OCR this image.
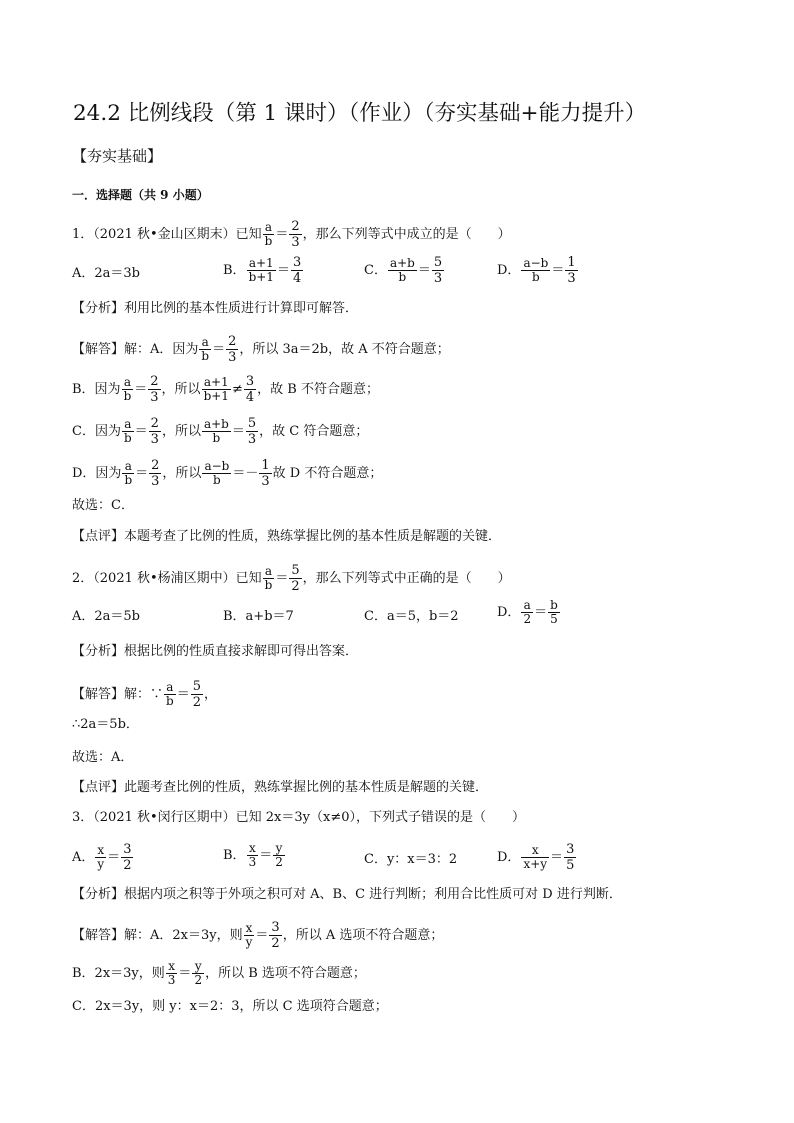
24.2 比例线段（第 1 课时）（作业）（夯实基础+能力提升）
【夯实基础】
一．选择题（共 9 小题）
1．（2021 秋•金山区期末）已知 $\frac{a}{b} = \frac{2}{3}$ ，那么下列等式中成立的是（　　）
A．2a＝3b	B． $\frac{a+1}{b+1} = \frac{3}{4}$	C． $\frac{a+b}{b} = \frac{5}{3}$	D． $\frac{a-b}{b} = \frac{1}{3}$
【分析】利用比例的基本性质进行计算即可解答．
【解答】解：A．因为 $\frac{a}{b} = \frac{2}{3}$ ，所以 3a＝2b，故 A 不符合题意；
B．因为 $\frac{a}{b} = \frac{2}{3}$ ，所以 $\frac{a+1}{b+1} \ne \frac{3}{4}$ ，故 B 不符合题意；
C．因为 $\frac{a}{b} = \frac{2}{3}$ ，所以 $\frac{a+b}{b} = \frac{5}{3}$ ，故 C 符合题意；
D．因为 $\frac{a}{b} = \frac{2}{3}$ ，所以 $\frac{a-b}{b} =- \frac{1}{3}$ 故 D 不符合题意；
故选：C．
【点评】本题考查了比例的性质，熟练掌握比例的基本性质是解题的关键．
2．（2021 秋•杨浦区期中）已知 $\frac{a}{b} = \frac{5}{2}$ ，那么下列等式中正确的是（　　）
A．2a＝5b	B．a+b＝7	C．a＝5，b＝2	D． $\frac{a}{2} = \frac{b}{5}$
【分析】根据比例的性质直接求解即可得出答案．
【解答】解：∵ $\frac{a}{b} = \frac{5}{2}$ ，
∴2a＝5b．
故选：A．
【点评】此题考查比例的性质，熟练掌握比例的基本性质是解题的关键．
3．（2021 秋•闵行区期中）已知 2x＝3y（x≠0），下列式子错误的是（　　）
A． $\frac{x}{y} = \frac{3}{2}$	B． $\frac{x}{3} = \frac{y}{2}$	C．y：x＝3：2	D． $\frac{x}{x+y} = \frac{3}{5}$
【分析】根据内项之积等于外项之积可对 A、B、C 进行判断；利用合比性质可对 D 进行判断．
【解答】解：A．2x＝3y，则 $\frac{x}{y} = \frac{3}{2}$ ，所以 A 选项不符合题意；
B．2x＝3y，则 $\frac{x}{3} = \frac{y}{2}$ ，所以 B 选项不符合题意；
C．2x＝3y，则 y：x＝2：3，所以 C 选项符合题意；
